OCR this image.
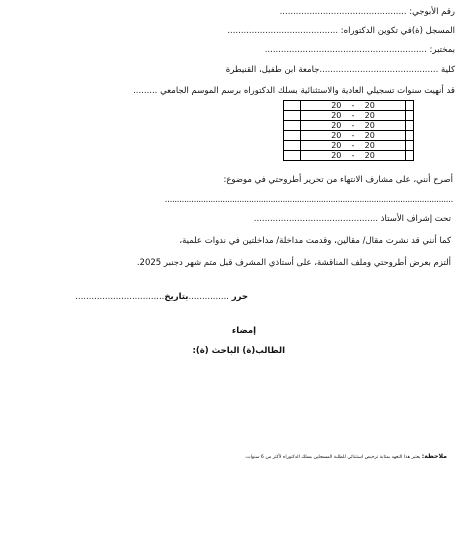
رقم الأبوجي: ...............................................
المسجل (ة)في تكوين الدكتوراه: .........................................
بمختبر: ............................................................
كلية ............................................جامعة ابن طفيل، القنيطرة
قد أنهيت سنوات تسجيلي العادية والاستثنائية بسلك الدكتوراه برسم الموسم الجامعي .........
	20 - 20	
	20 - 20	
	20 - 20	
	20 - 20	
	20 - 20	
	20 - 20	
أصرح أنني، على مشارف الانتهاء من تحرير أطروحتي في موضوع:
........................................................................................................................
تحت إشراف الأستاذ ..............................................
كما أنني قد نشرت مقال/ مقالين، وقدمت مداخلة/ مداخلتين في ندوات علمية،
ألتزم بعرض أطروحتي وملف المناقشة، على أستاذي المشرف قبل متم شهر دجنبر 2025.
حرر ...............بتاريخ.................................
إمضاء
الطالب(ة) الباحث (ة):
ملاحظة: يعتبر هذا التعهد بمثابة ترخيص استثنائي للطلبة المسجلين بسلك الدكتوراه لأكثر من 6 سنوات.
